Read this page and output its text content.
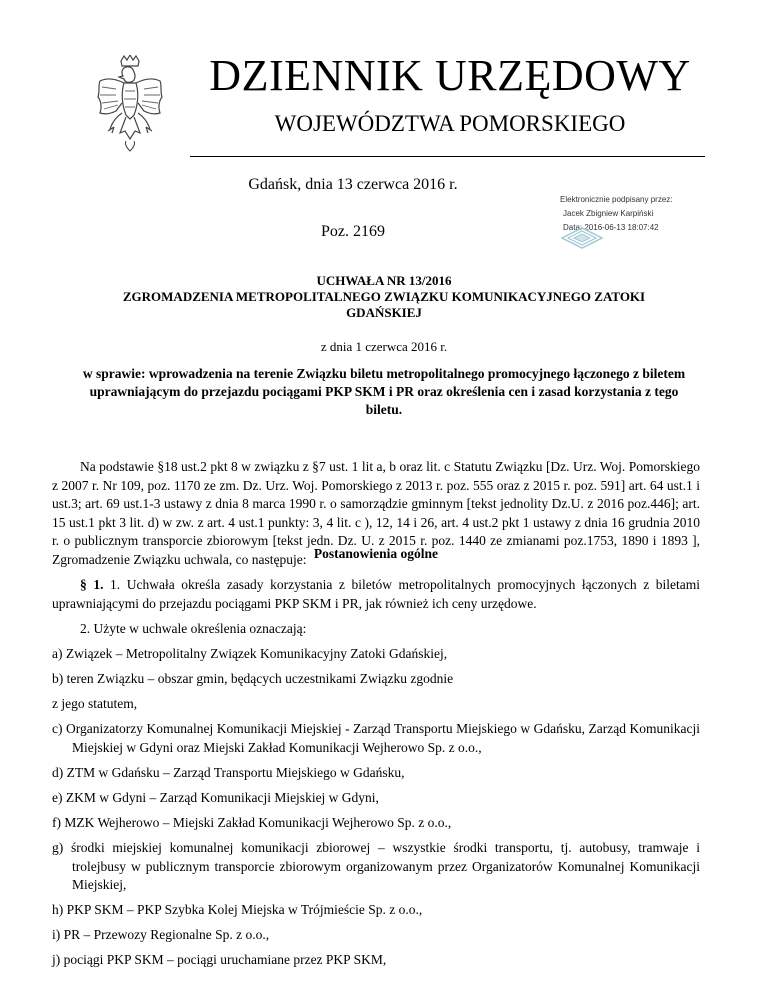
DZIENNIK URZĘDOWY
WOJEWÓDZTWA POMORSKIEGO
Gdańsk, dnia 13 czerwca 2016 r.
Poz. 2169
Elektronicznie podpisany przez:
Jacek Zbigniew Karpiński
Data: 2016-06-13 18:07:42
UCHWAŁA NR 13/2016
ZGROMADZENIA METROPOLITALNEGO ZWIĄZKU KOMUNIKACYJNEGO ZATOKI
GDAŃSKIEJ
z dnia 1 czerwca 2016 r.
w sprawie: wprowadzenia na terenie Związku biletu metropolitalnego promocyjnego łączonego z biletem uprawniającym do przejazdu pociągami PKP SKM i PR oraz określenia cen i zasad korzystania z tego biletu.
Na podstawie §18 ust.2 pkt 8 w związku z §7 ust. 1 lit a, b oraz lit. c Statutu Związku [Dz. Urz. Woj. Pomorskiego z 2007 r. Nr 109, poz. 1170 ze zm. Dz. Urz. Woj. Pomorskiego z 2013 r. poz. 555 oraz z 2015 r. poz. 591] art. 64 ust.1 i ust.3; art. 69 ust.1-3 ustawy z dnia 8 marca 1990 r. o samorządzie gminnym [tekst jednolity Dz.U. z 2016 poz.446]; art. 15 ust.1 pkt 3 lit. d) w zw. z art. 4 ust.1 punkty: 3, 4 lit. c ), 12, 14 i 26, art. 4 ust.2 pkt 1 ustawy z dnia 16 grudnia 2010 r. o publicznym transporcie zbiorowym [tekst jedn. Dz. U. z 2015 r. poz. 1440 ze zmianami poz.1753, 1890 i 1893 ], Zgromadzenie Związku uchwala, co następuje: Postanowienia ogólne
§ 1. 1. Uchwała określa zasady korzystania z biletów metropolitalnych promocyjnych łączonych z biletami uprawniającymi do przejazdu pociągami PKP SKM i PR, jak również ich ceny urzędowe.
2. Użyte w uchwale określenia oznaczają:
a) Związek – Metropolitalny Związek Komunikacyjny Zatoki Gdańskiej,
b) teren Związku – obszar gmin, będących uczestnikami Związku zgodnie
z jego statutem,
c) Organizatorzy Komunalnej Komunikacji Miejskiej - Zarząd Transportu Miejskiego w Gdańsku, Zarząd Komunikacji Miejskiej w Gdyni oraz Miejski Zakład Komunikacji Wejherowo Sp. z o.o.,
d) ZTM w Gdańsku – Zarząd Transportu Miejskiego w Gdańsku,
e) ZKM w Gdyni – Zarząd Komunikacji Miejskiej w Gdyni,
f) MZK Wejherowo – Miejski Zakład Komunikacji Wejherowo Sp. z o.o.,
g) środki miejskiej komunalnej komunikacji zbiorowej – wszystkie środki transportu, tj. autobusy, tramwaje i trolejbusy w publicznym transporcie zbiorowym organizowanym przez Organizatorów Komunalnej Komunikacji Miejskiej,
h) PKP SKM – PKP Szybka Kolej Miejska w Trójmieście Sp. z o.o.,
i) PR – Przewozy Regionalne Sp. z o.o.,
j) pociągi PKP SKM – pociągi uruchamiane przez PKP SKM,
